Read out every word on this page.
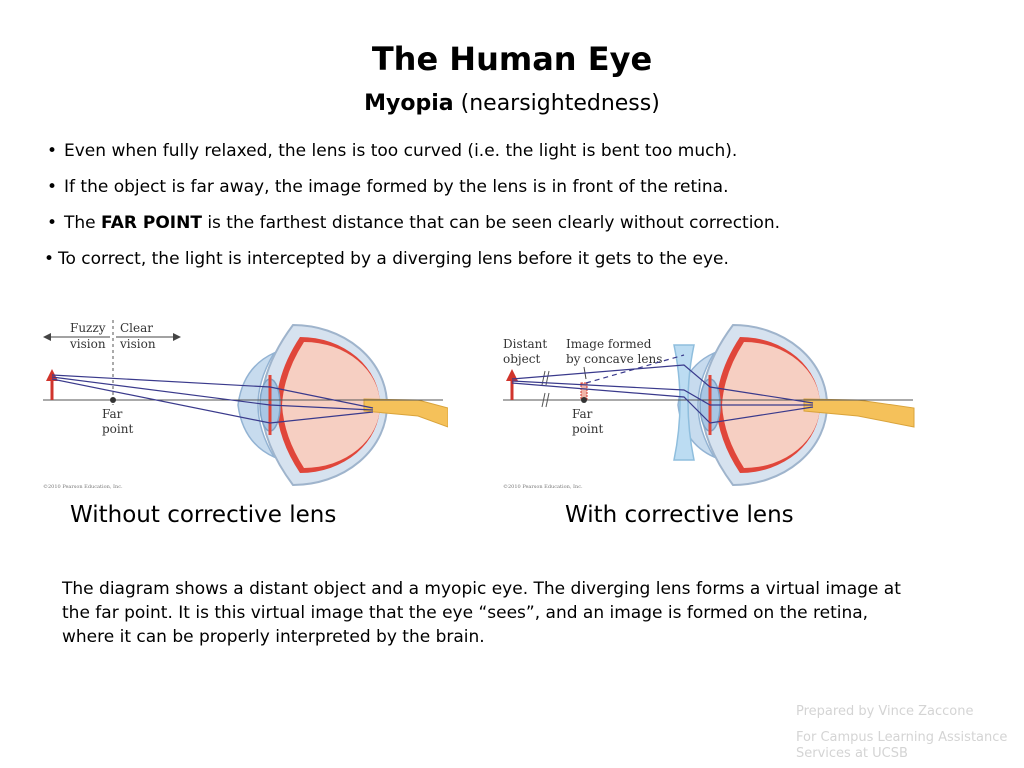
The Human Eye
Myopia (nearsightedness)
• Even when fully relaxed, the lens is too curved (i.e. the light is bent too much).
• If the object is far away, the image formed by the lens is in front of the retina.
• The FAR POINT is the farthest distance that can be seen clearly without correction.
• To correct, the light is intercepted by a diverging lens before it gets to the eye.
Fuzzy
vision
Clear
vision
Far
point
©2010 Pearson Education, Inc.
Distant
object
Image formed
by concave lens
Far
point
©2010 Pearson Education, Inc.
Without corrective lens	With corrective lens
The diagram shows a distant object and a myopic eye. The diverging lens forms a virtual image at the far point. It is this virtual image that the eye “sees”, and an image is formed on the retina, where it can be properly interpreted by the brain.
Prepared by Vince Zaccone
For Campus Learning Assistance Services at UCSB
